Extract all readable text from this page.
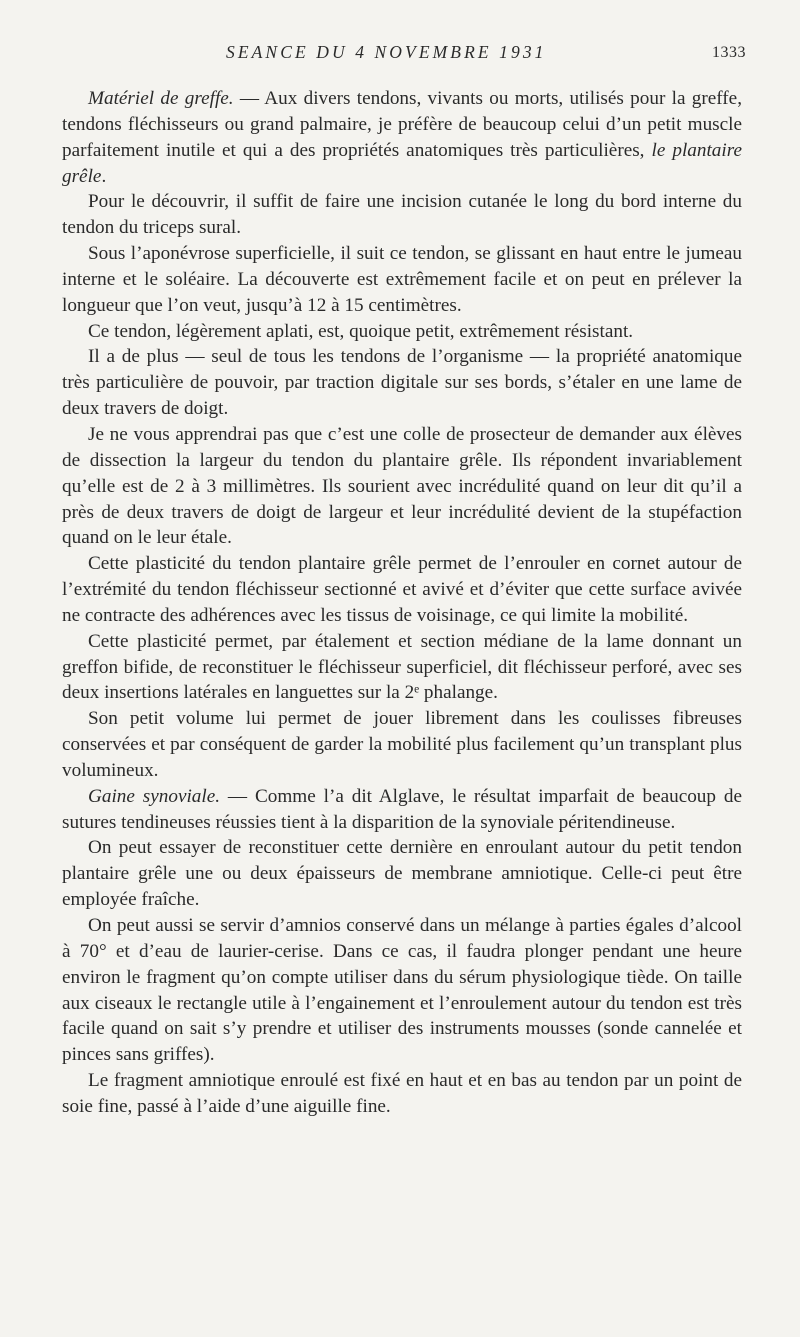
SEANCE DU 4 NOVEMBRE 1931	1333

Matériel de greffe. — Aux divers tendons, vivants ou morts, utilisés pour la greffe, tendons fléchisseurs ou grand palmaire, je préfère de beaucoup celui d’un petit muscle parfaitement inutile et qui a des propriétés anatomiques très particulières, le plantaire grêle.

Pour le découvrir, il suffit de faire une incision cutanée le long du bord interne du tendon du triceps sural.

Sous l’aponévrose superficielle, il suit ce tendon, se glissant en haut entre le jumeau interne et le soléaire. La découverte est extrêmement facile et on peut en prélever la longueur que l’on veut, jusqu’à 12 à 15 centimètres.

Ce tendon, légèrement aplati, est, quoique petit, extrêmement résistant.

Il a de plus — seul de tous les tendons de l’organisme — la propriété anatomique très particulière de pouvoir, par traction digitale sur ses bords, s’étaler en une lame de deux travers de doigt.

Je ne vous apprendrai pas que c’est une colle de prosecteur de demander aux élèves de dissection la largeur du tendon du plantaire grêle. Ils répondent invariablement qu’elle est de 2 à 3 millimètres. Ils sourient avec incrédulité quand on leur dit qu’il a près de deux travers de doigt de largeur et leur incrédulité devient de la stupéfaction quand on le leur étale.

Cette plasticité du tendon plantaire grêle permet de l’enrouler en cornet autour de l’extrémité du tendon fléchisseur sectionné et avivé et d’éviter que cette surface avivée ne contracte des adhérences avec les tissus de voisinage, ce qui limite la mobilité.

Cette plasticité permet, par étalement et section médiane de la lame donnant un greffon bifide, de reconstituer le fléchisseur superficiel, dit fléchisseur perforé, avec ses deux insertions latérales en languettes sur la 2ᵉ phalange.

Son petit volume lui permet de jouer librement dans les coulisses fibreuses conservées et par conséquent de garder la mobilité plus facilement qu’un transplant plus volumineux.

Gaine synoviale. — Comme l’a dit Alglave, le résultat imparfait de beaucoup de sutures tendineuses réussies tient à la disparition de la synoviale péritendineuse.

On peut essayer de reconstituer cette dernière en enroulant autour du petit tendon plantaire grêle une ou deux épaisseurs de membrane amniotique. Celle-ci peut être employée fraîche.

On peut aussi se servir d’amnios conservé dans un mélange à parties égales d’alcool à 70° et d’eau de laurier-cerise. Dans ce cas, il faudra plonger pendant une heure environ le fragment qu’on compte utiliser dans du sérum physiologique tiède. On taille aux ciseaux le rectangle utile à l’engainement et l’enroulement autour du tendon est très facile quand on sait s’y prendre et utiliser des instruments mousses (sonde cannelée et pinces sans griffes).

Le fragment amniotique enroulé est fixé en haut et en bas au tendon par un point de soie fine, passé à l’aide d’une aiguille fine.
